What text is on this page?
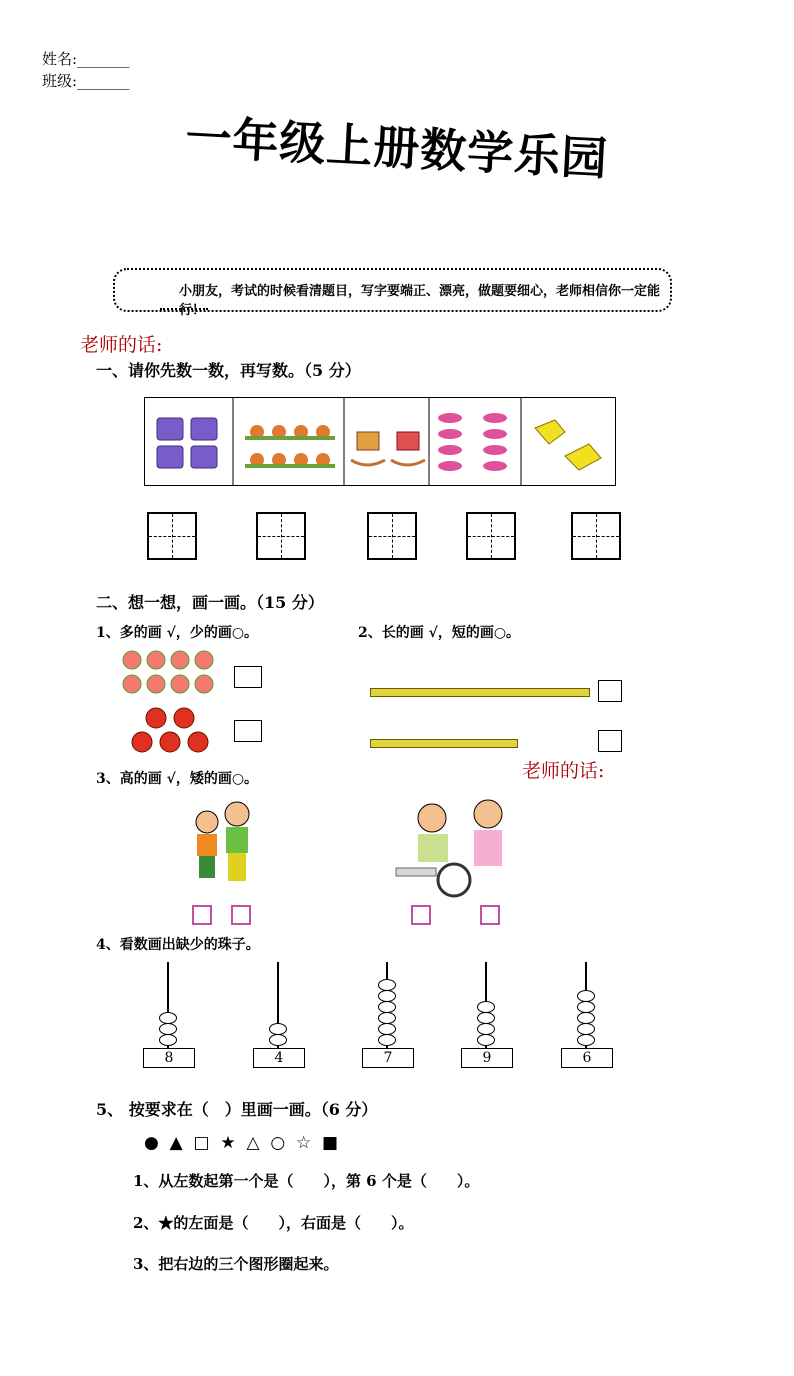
姓名:_______
班级:_______
一年级上册数学乐园
小朋友，考试的时候看清题目，写字要端正、漂亮，做题要细心，老师相信你一定能行！
老师的话:
一、请你先数一数，再写数。（5 分）
二、想一想，画一画。（15 分）
1、多的画 √，少的画○。	2、长的画 √，短的画○。
老师的话:
3、高的画 √，矮的画○。
4、看数画出缺少的珠子。
8	4	7	9	6
5、 按要求在（　）里画一画。（6 分）
●  ▲  □  ★  △  ○  ☆  ■
1、从左数起第一个是（　　），第 6 个是（　　）。
2、★的左面是（　　），右面是（　　）。
3、把右边的三个图形圈起来。
